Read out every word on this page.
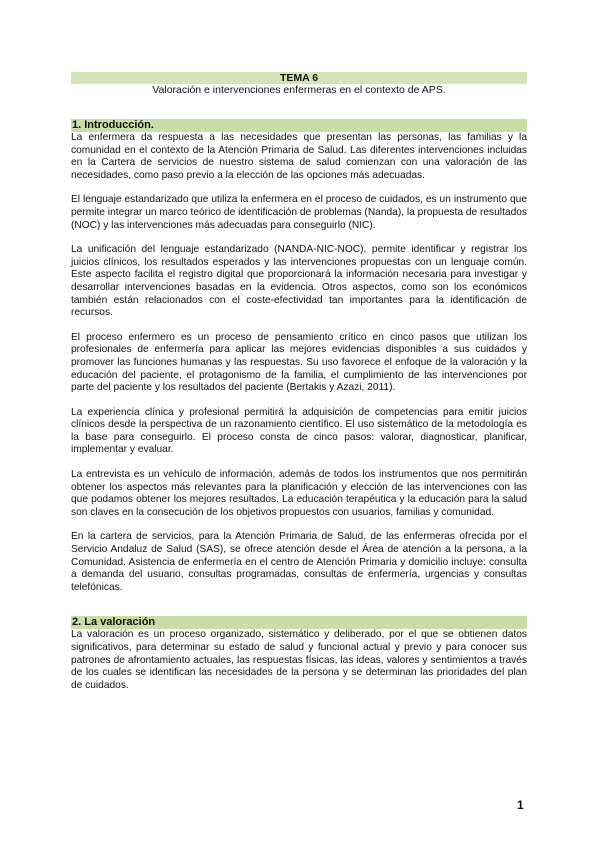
TEMA 6

Valoración e intervenciones enfermeras en el contexto de APS.

1. Introducción.

La enfermera da respuesta a las necesidades que presentan las personas, las familias y la comunidad en el contexto de la Atención Primaria de Salud. Las diferentes intervenciones incluidas en la Cartera de servicios de nuestro sistema de salud comienzan con una valoración de las necesidades, como paso previo a la elección de las opciones más adecuadas.

El lenguaje estandarizado que utiliza la enfermera en el proceso de cuidados, es un instrumento que permite integrar un marco teórico de identificación de problemas (Nanda), la propuesta de resultados (NOC) y las intervenciones más adecuadas para conseguirlo (NIC).

La unificación del lenguaje estandarizado (NANDA-NIC-NOC), permite identificar y registrar los juicios clínicos, los resultados esperados y las intervenciones propuestas con un lenguaje común. Este aspecto facilita el registro digital que proporcionará la información necesaria para investigar y desarrollar intervenciones basadas en la evidencia. Otros aspectos, como son los económicos también están relacionados con el coste-efectividad tan importantes para la identificación de recursos.

El proceso enfermero es un proceso de pensamiento crítico en cinco pasos que utilizan los profesionales de enfermería para aplicar las mejores evidencias disponibles a sus cuidados y promover las funciones humanas y las respuestas. Su uso favorece el enfoque de la valoración y la educación del paciente, el protagonismo de la familia, el cumplimiento de las intervenciones por parte del paciente y los resultados del paciente (Bertakis y Azazi, 2011).

La experiencia clínica y profesional permitirá la adquisición de competencias para emitir juicios clínicos desde la perspectiva de un razonamiento científico. El uso sistemático de la metodología es la base para conseguirlo. El proceso consta de cinco pasos: valorar, diagnosticar, planificar, implementar y evaluar.

La entrevista es un vehículo de información, además de todos los instrumentos que nos permitirán obtener los aspectos más relevantes para la planificación y elección de las intervenciones con las que podamos obtener los mejores resultados. La educación terapéutica y la educación para la salud son claves en la consecución de los objetivos propuestos con usuarios, familias y comunidad.

En la cartera de servicios, para la Atención Primaria de Salud, de las enfermeras ofrecida por el Servicio Andaluz de Salud (SAS), se ofrece atención desde el Área de atención a la persona, a la Comunidad. Asistencia de enfermería en el centro de Atención Primaria y domicilio incluye: consulta a demanda del usuario, consultas programadas, consultas de enfermería, urgencias y consultas telefónicas.

2. La valoración

La valoración es un proceso organizado, sistemático y deliberado, por el que se obtienen datos significativos, para determinar su estado de salud y funcional actual y previo y para conocer sus patrones de afrontamiento actuales, las respuestas físicas, las ideas, valores y sentimientos a través de los cuales se identifican las necesidades de la persona y se determinan las prioridades del plan de cuidados.

1
